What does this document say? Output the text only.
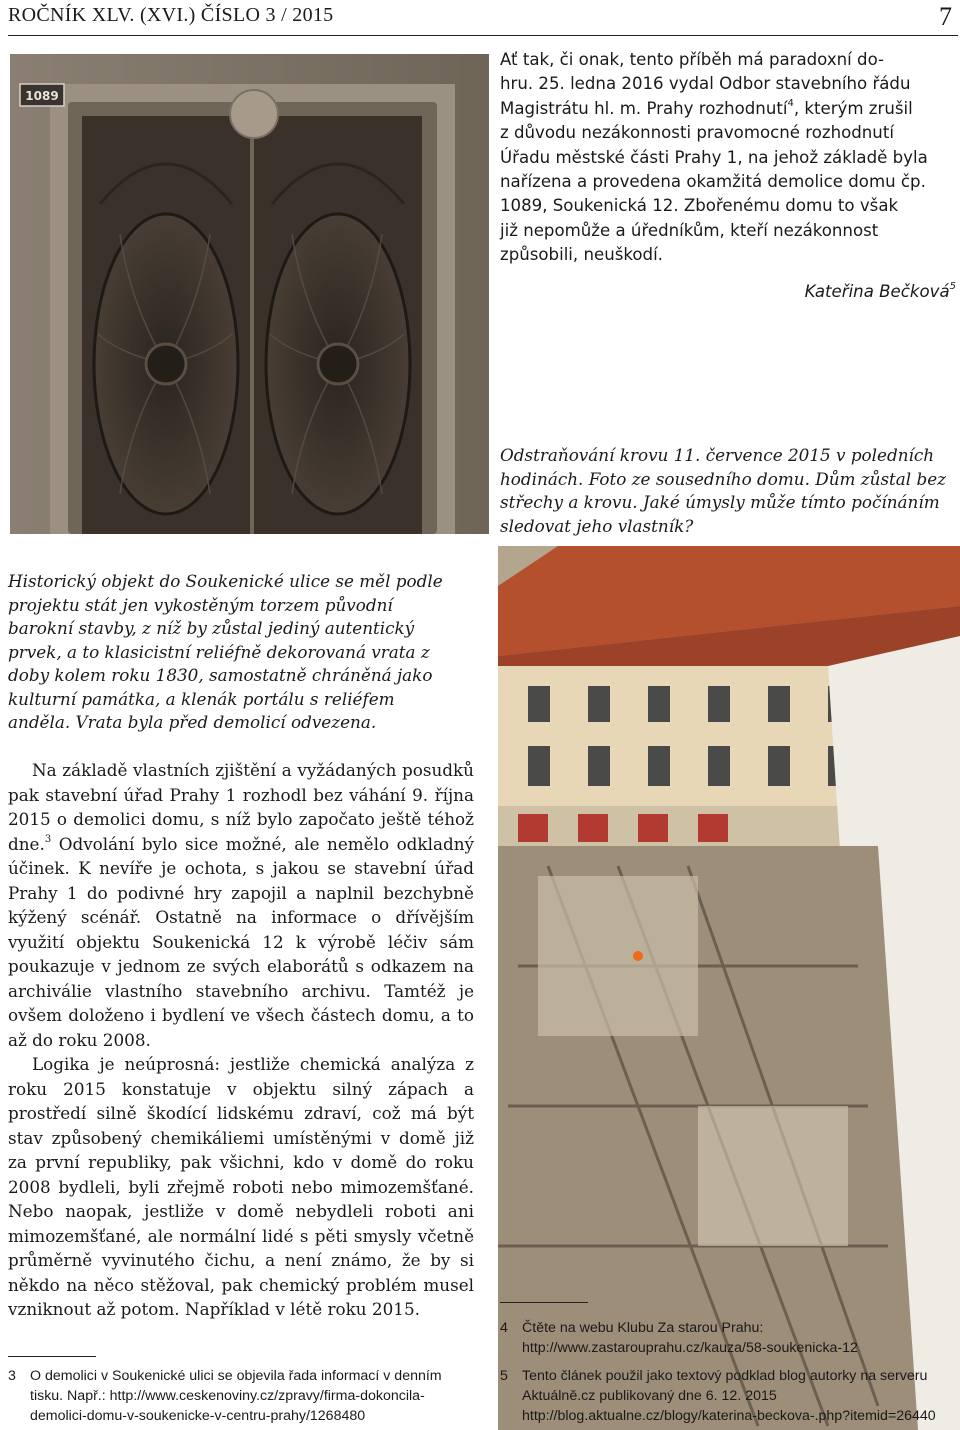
ROČNÍK XLV. (XVI.) ČÍSLO 3 / 2015	7
1089

Ať tak, či onak, tento příběh má paradoxní do-
hru. 25. ledna 2016 vydal Odbor stavebního řádu
Magistrátu hl. m. Prahy rozhodnutí$^4$, kterým zrušil
z důvodu nezákonnosti pravomocné rozhodnutí
Úřadu městské části Prahy 1, na jehož základě byla
nařízena a provedena okamžitá demolice domu čp.
1089, Soukenická 12. Zbořenému domu to však
již nepomůže a úředníkům, kteří nezákonnost
způsobili, neuškodí.

Kateřina Bečková$^5$

Odstraňování krovu 11. července 2015 v poledních hodinách. Foto ze sousedního domu. Dům zůstal bez střechy a krovu. Jaké úmysly může tímto počínáním sledovat jeho vlastník?

Historický objekt do Soukenické ulice se měl podle projektu stát jen vykostěným torzem původní barokní stavby, z níž by zůstal jediný autentický prvek, a to klasicistní reliéfně dekorovaná vrata z doby kolem roku 1830, samostatně chráněná jako kulturní památka, a klenák portálu s reliéfem anděla. Vrata byla před demolicí odvezena.

Na základě vlastních zjištění a vyžádaných posudků pak stavební úřad Prahy 1 rozhodl bez váhání 9. října 2015 o demolici domu, s níž bylo započato ještě téhož dne.$^3$ Odvolání bylo sice možné, ale nemělo odkladný účinek. K nevíře je ochota, s jakou se stavební úřad Prahy 1 do podivné hry zapojil a naplnil bezchybně kýžený scénář. Ostatně na informace o dřívějším využití objektu Soukenická 12 k výrobě léčiv sám poukazuje v jednom ze svých elaborátů s odkazem na archiválie vlastního stavebního archivu. Tamtéž je ovšem doloženo i bydlení ve všech částech domu, a to až do roku 2008.

Logika je neúprosná: jestliže chemická analýza z roku 2015 konstatuje v objektu silný zápach a prostředí silně škodící lidskému zdraví, což má být stav způsobený chemikáliemi umístěnými v domě již za první republiky, pak všichni, kdo v domě do roku 2008 bydleli, byli zřejmě roboti nebo mimozemšťané. Nebo naopak, jestliže v domě nebydleli roboti ani mimozemšťané, ale normální lidé s pěti smysly včetně průměrně vyvinutého čichu, a není známo, že by si někdo na něco stěžoval, pak chemický problém musel vzniknout až potom. Například v létě roku 2015.

3 O demolici v Soukenické ulici se objevila řada informací v denním tisku. Např.: http://www.ceskenoviny.cz/zpravy/firma-dokoncila-demolici-domu-v-soukenicke-v-centru-prahy/1268480

4 Čtěte na webu Klubu Za starou Prahu: http://www.zastarouprahu.cz/kauza/58-soukenicka-12

5 Tento článek použil jako textový podklad blog autorky na serveru Aktuálně.cz publikovaný dne 6. 12. 2015 http://blog.aktualne.cz/blogy/katerina-beckova-.php?itemid=26440
